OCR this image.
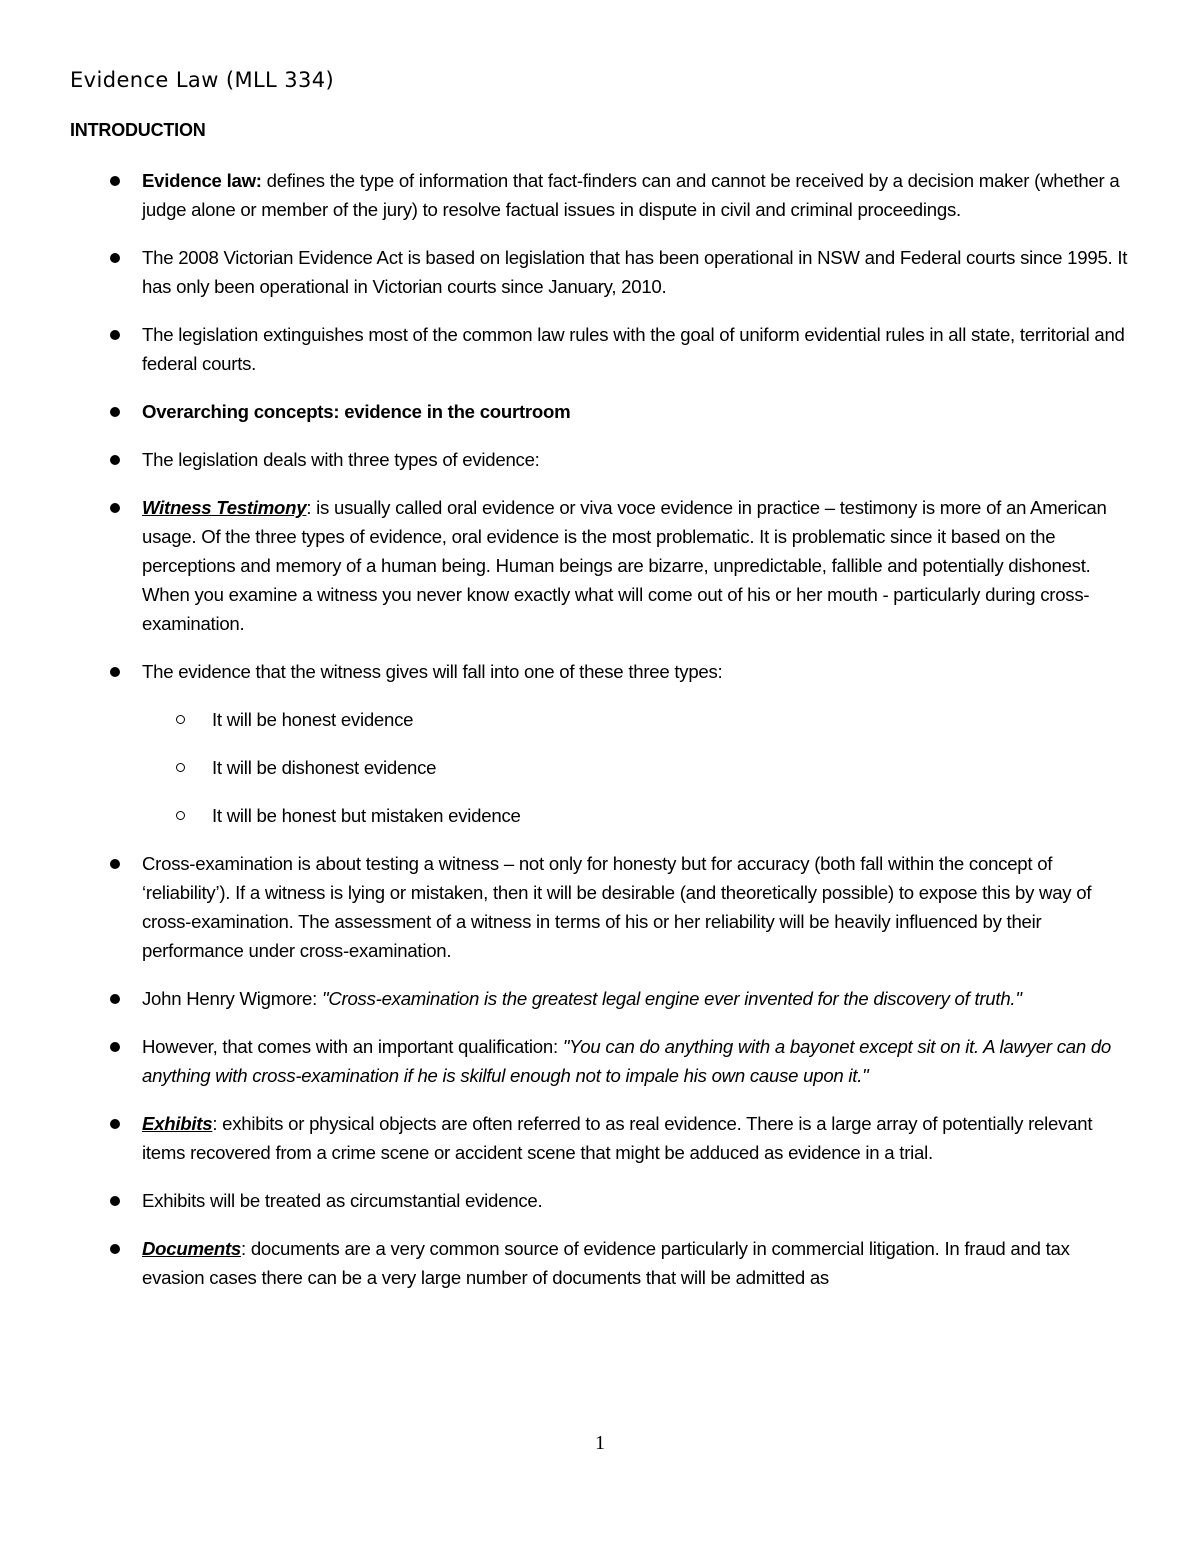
Evidence Law (MLL 334)
INTRODUCTION
Evidence law: defines the type of information that fact-finders can and cannot be received by a decision maker (whether a judge alone or member of the jury) to resolve factual issues in dispute in civil and criminal proceedings.
The 2008 Victorian Evidence Act is based on legislation that has been operational in NSW and Federal courts since 1995. It has only been operational in Victorian courts since January, 2010.
The legislation extinguishes most of the common law rules with the goal of uniform evidential rules in all state, territorial and federal courts.
Overarching concepts: evidence in the courtroom
The legislation deals with three types of evidence:
Witness Testimony: is usually called oral evidence or viva voce evidence in practice – testimony is more of an American usage. Of the three types of evidence, oral evidence is the most problematic. It is problematic since it based on the perceptions and memory of a human being. Human beings are bizarre, unpredictable, fallible and potentially dishonest. When you examine a witness you never know exactly what will come out of his or her mouth - particularly during cross-examination.
The evidence that the witness gives will fall into one of these three types:
It will be honest evidence
It will be dishonest evidence
It will be honest but mistaken evidence
Cross-examination is about testing a witness – not only for honesty but for accuracy (both fall within the concept of ‘reliability’). If a witness is lying or mistaken, then it will be desirable (and theoretically possible) to expose this by way of cross-examination. The assessment of a witness in terms of his or her reliability will be heavily influenced by their performance under cross-examination.
John Henry Wigmore: "Cross-examination is the greatest legal engine ever invented for the discovery of truth."
However, that comes with an important qualification: "You can do anything with a bayonet except sit on it. A lawyer can do anything with cross-examination if he is skilful enough not to impale his own cause upon it."
Exhibits: exhibits or physical objects are often referred to as real evidence. There is a large array of potentially relevant items recovered from a crime scene or accident scene that might be adduced as evidence in a trial.
Exhibits will be treated as circumstantial evidence.
Documents: documents are a very common source of evidence particularly in commercial litigation. In fraud and tax evasion cases there can be a very large number of documents that will be admitted as
1
